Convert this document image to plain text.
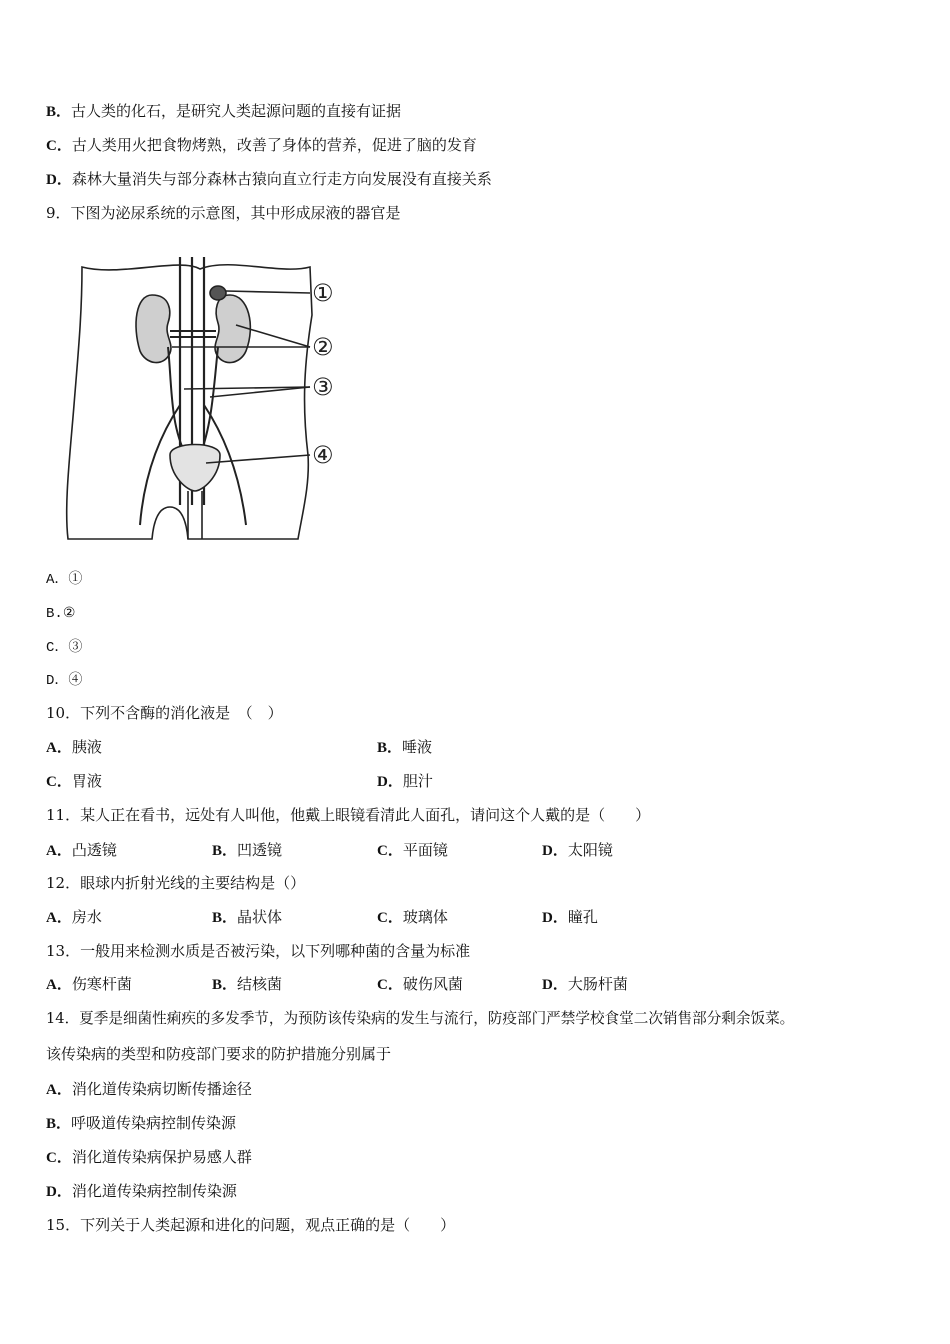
B．古人类的化石，是研究人类起源问题的直接有证据
C．古人类用火把食物烤熟，改善了身体的营养，促进了脑的发育
D．森林大量消失与部分森林古猿向直立行走方向发展没有直接关系
9．下图为泌尿系统的示意图，其中形成尿液的器官是
①
②
③
④
A．①
B.②
C．③
D．④
10．下列不含酶的消化液是　（　）
A．胰液	B．唾液
C．胃液	D．胆汁
11．某人正在看书，远处有人叫他，他戴上眼镜看清此人面孔，请问这个人戴的是（　　）
A．凸透镜	B．凹透镜	C．平面镜	D．太阳镜
12．眼球内折射光线的主要结构是（）
A．房水	B．晶状体	C．玻璃体	D．瞳孔
13．一般用来检测水质是否被污染，以下列哪种菌的含量为标准
A．伤寒杆菌	B．结核菌	C．破伤风菌	D．大肠杆菌
14．夏季是细菌性痢疾的多发季节，为预防该传染病的发生与流行，防疫部门严禁学校食堂二次销售部分剩余饭菜。
该传染病的类型和防疫部门要求的防护措施分别属于
A．消化道传染病切断传播途径
B．呼吸道传染病控制传染源
C．消化道传染病保护易感人群
D．消化道传染病控制传染源
15．下列关于人类起源和进化的问题，观点正确的是（　　）
